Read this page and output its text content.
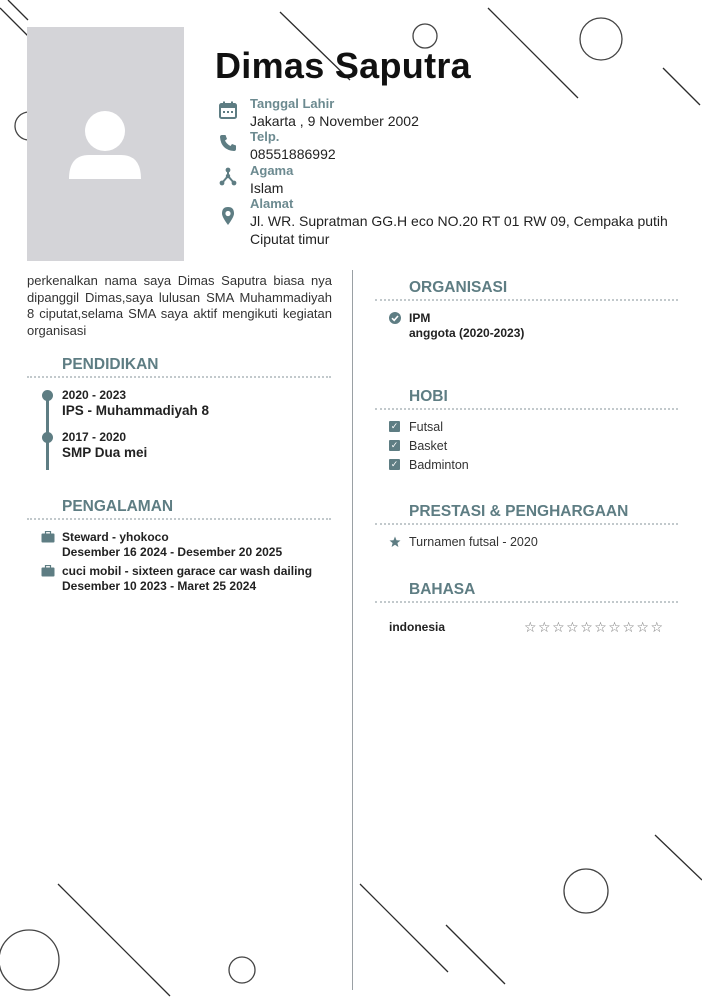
Dimas Saputra
Tanggal Lahir
Jakarta , 9 November 2002
Telp.
08551886992
Agama
Islam
Alamat
Jl. WR. Supratman GG.H eco NO.20 RT 01 RW 09, Cempaka putih Ciputat timur
perkenalkan nama saya Dimas Saputra biasa nya dipanggil Dimas,saya lulusan SMA Muhammadiyah 8 ciputat,selama SMA saya aktif mengikuti kegiatan organisasi
PENDIDIKAN
2020 - 2023
IPS - Muhammadiyah 8
2017 - 2020
SMP Dua mei
PENGALAMAN
Steward - yhokoco
Desember 16 2024 - Desember 20 2025
cuci mobil - sixteen garace car wash dailing
Desember 10 2023 - Maret 25 2024
ORGANISASI
IPM
anggota (2020-2023)
HOBI
✓ Futsal
✓ Basket
✓ Badminton
PRESTASI & PENGHARGAAN
Turnamen futsal - 2020
BAHASA
indonesia	☆☆☆☆☆☆☆☆☆☆
